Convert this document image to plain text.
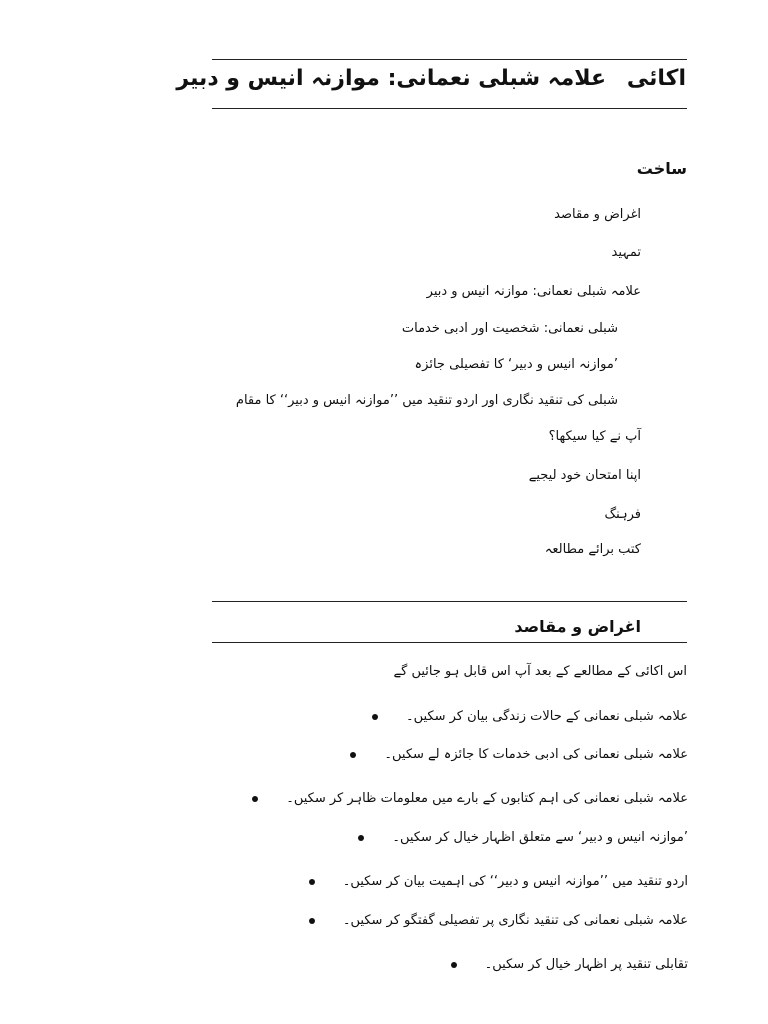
اکائی
علامہ شبلی نعمانی: موازنہ انیس و دبیر
ساخت
اغراض و مقاصد
تمہید
علامہ شبلی نعمانی: موازنہ انیس و دبیر
شبلی نعمانی: شخصیت اور ادبی خدمات
’موازنہ انیس و دبیر‘ کا تفصیلی جائزہ
شبلی کی تنقید نگاری اور اردو تنقید میں ’’موازنہ انیس و دبیر‘‘ کا مقام
آپ نے کیا سیکھا؟
اپنا امتحان خود لیجیے
فرہنگ
کتب برائے مطالعہ
اغراض و مقاصد
اس اکائی کے مطالعے کے بعد آپ اس قابل ہو جائیں گے
علامہ شبلی نعمانی کے حالات زندگی بیان کر سکیں۔
علامہ شبلی نعمانی کی ادبی خدمات کا جائزہ لے سکیں۔
علامہ شبلی نعمانی کی اہم کتابوں کے بارے میں معلومات ظاہر کر سکیں۔
’موازنہ انیس و دبیر‘ سے متعلق اظہار خیال کر سکیں۔
اردو تنقید میں ’’موازنہ انیس و دبیر‘‘ کی اہمیت بیان کر سکیں۔
علامہ شبلی نعمانی کی تنقید نگاری پر تفصیلی گفتگو کر سکیں۔
تقابلی تنقید پر اظہار خیال کر سکیں۔
